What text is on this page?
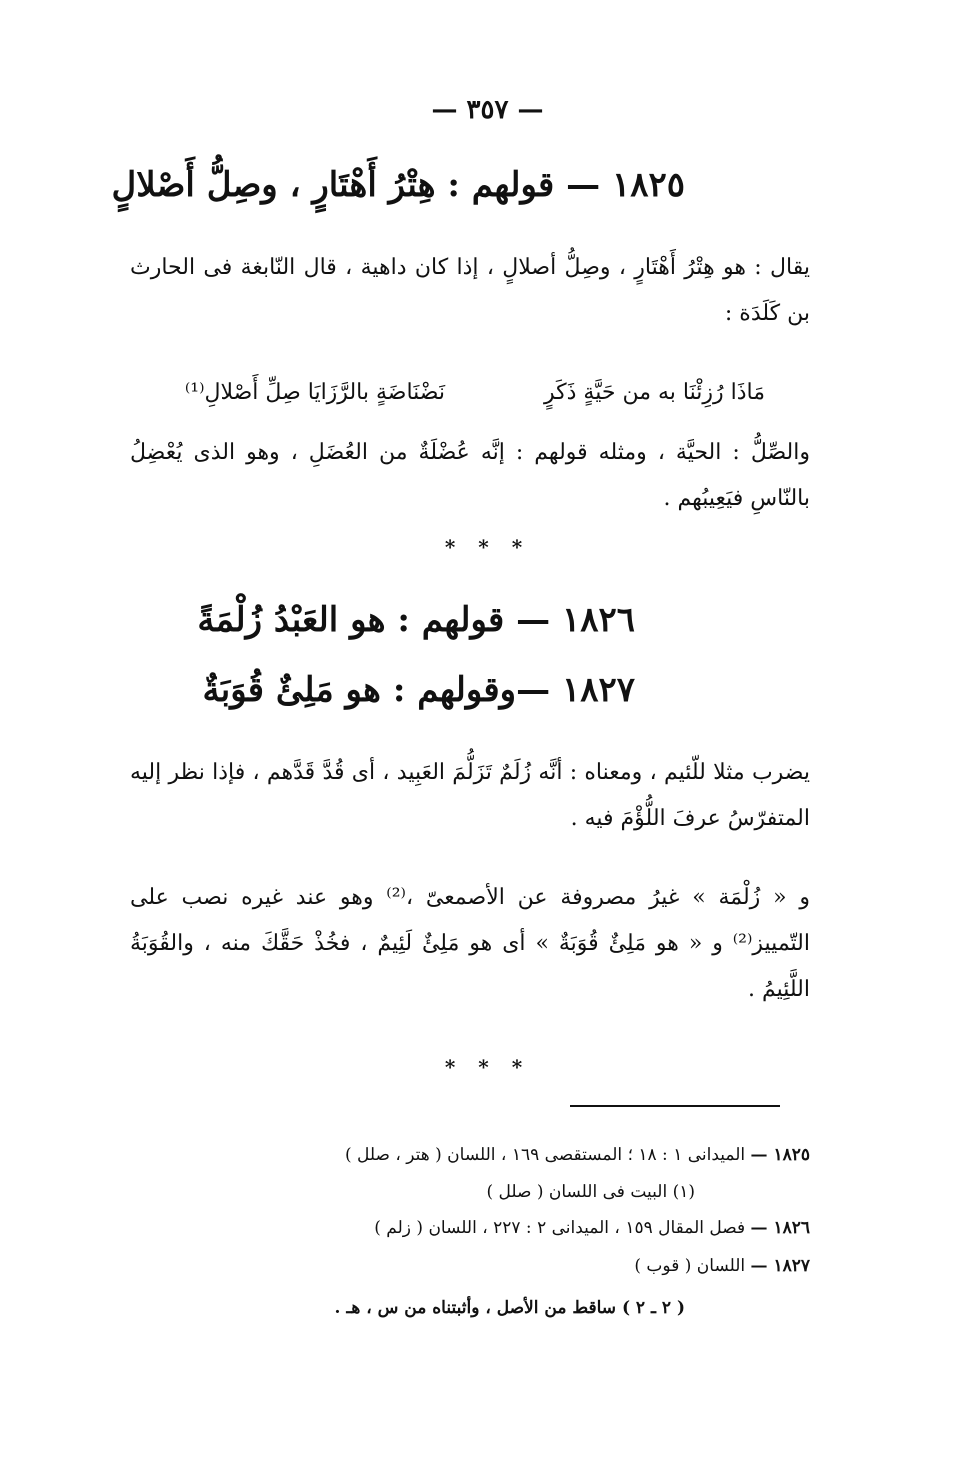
— ٣٥٧ —
١٨٢٥ — قولهم : هِتْرُ أَهْتَارٍ ، وصِلُّ أَصْلالٍ
يقال : هو هِتْرُ أَهْتَارٍ ، وصِلُّ أصلالٍ ، إذا كان داهية ، قال النّابغة فى الحارث بن كَلَدَة :
مَاذَا رُزِئْنَا به من حَيَّةٍ ذَكَرٍ
نَضْنَاضَةٍ بالرَّزَايَا صِلِّ أَصْلالِ⁽¹⁾
والصِّلُّ : الحيَّة ، ومثله قولهم : إنَّه عُضْلَةٌ من العُضَلِ ، وهو الذى يُعْضِلُ بالنّاسِ فيَعِيبُهم .
* * *
١٨٢٦ — قولهم : هو العَبْدُ زُلْمَةً
١٨٢٧ —وقولهم : هو مَلِئٌ قُوَبَةٌ
يضرب مثلا للّئيم ، ومعناه : أنَّه زُلَمٌ تَزَلُّمَ العَبِيد ، أى قُدَّ قَدَّهم ، فإذا نظر إليه المتفرّسُ عرفَ اللُّؤْمَ فيه .
و « زُلْمَة » غيرُ مصروفة عن الأصمعىّ ،⁽²⁾ وهو عند غيره نصب على التّمييز⁽²⁾ و « هو مَلِئٌ قُوَبَةٌ » أى هو مَلِئٌ لَئِيمٌ ، فخُذْ حَقَّكَ منه ، والقُوَبَةُ اللَّئِيمُ .
* * *
١٨٢٥ — الميدانى ١ : ١٨ ؛ المستقصى ١٦٩ ، اللسان ( هتر ، صلل )
(١) البيت فى اللسان ( صلل )
١٨٢٦ — فصل المقال ١٥٩ ، الميدانى ٢ : ٢٢٧ ، اللسان ( زلم )
١٨٢٧ — اللسان ( قوب )
( ٢ ـ ٢ ) ساقط من الأصل ، وأثبتناه من س ، هـ .
